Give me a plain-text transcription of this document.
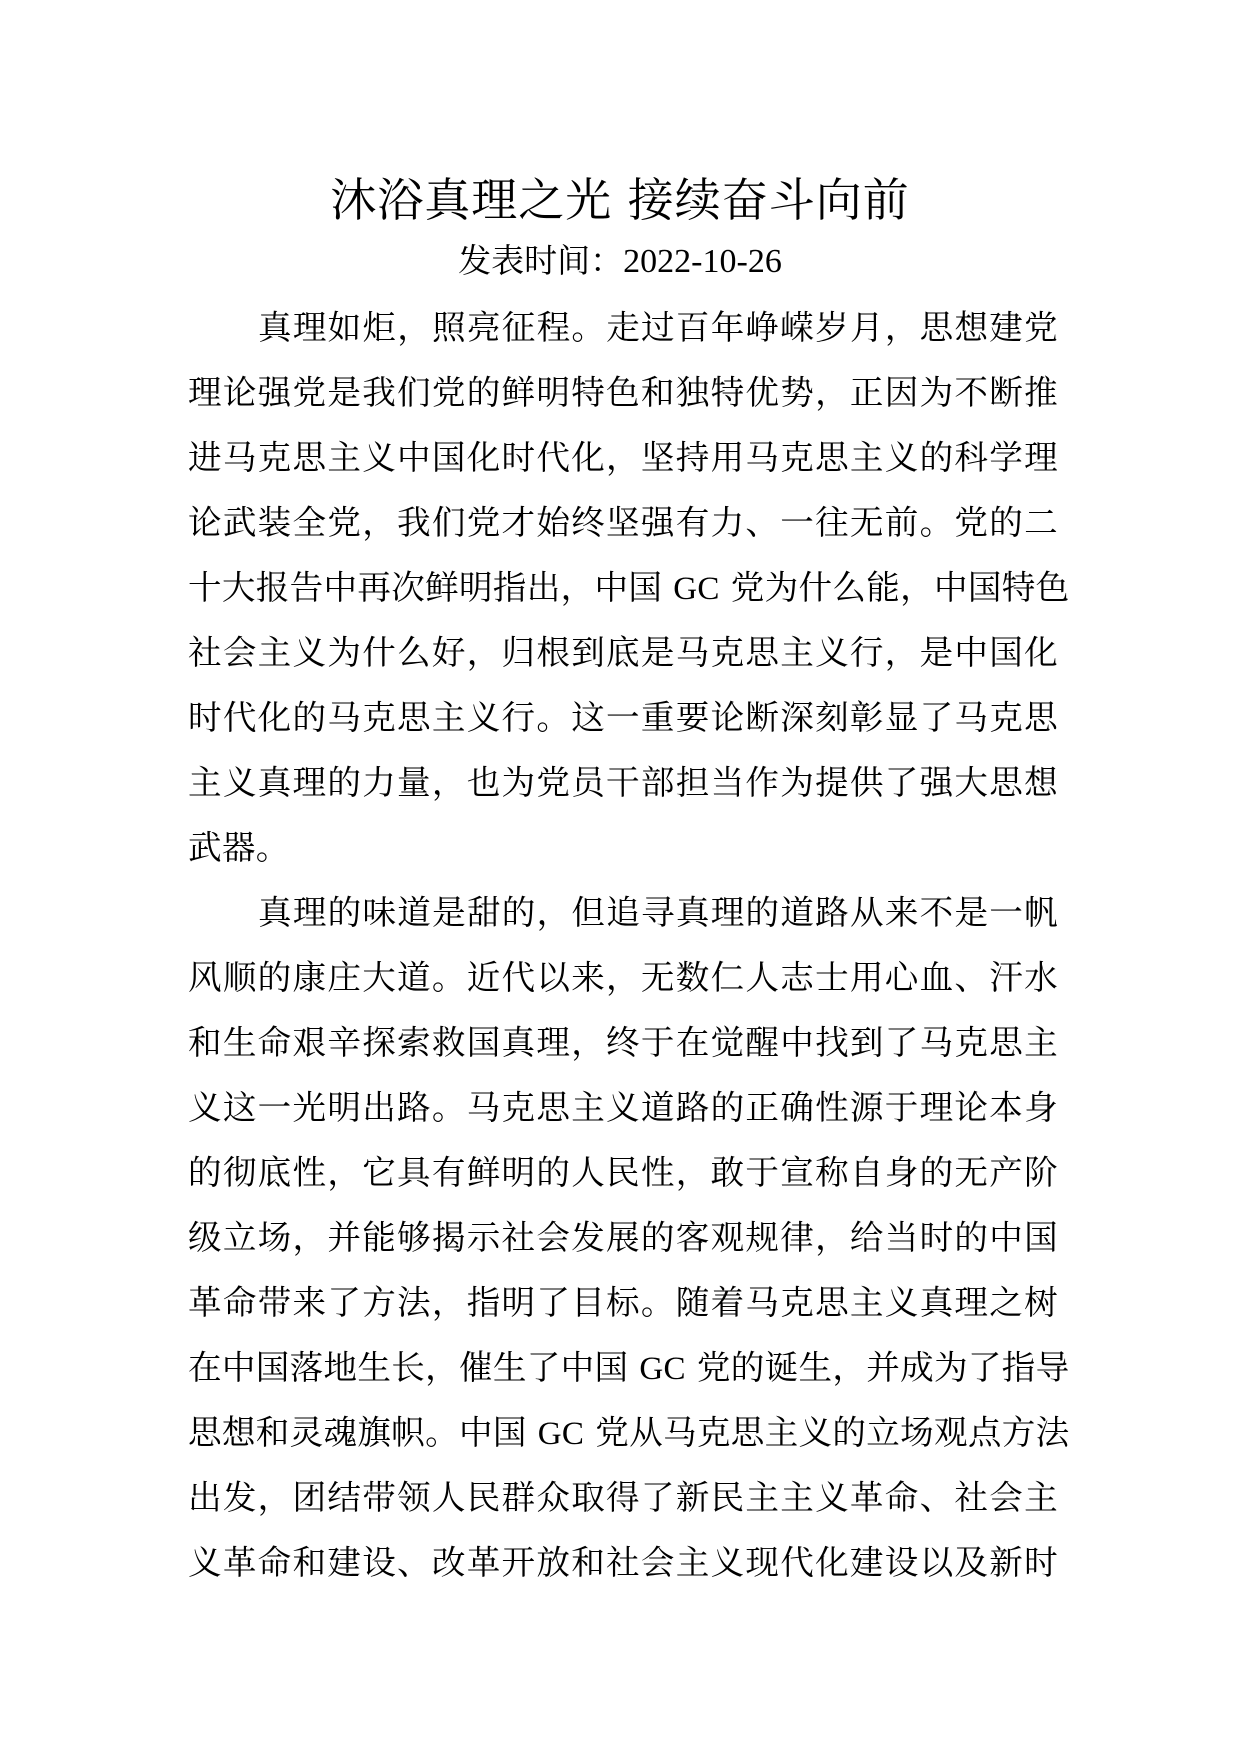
沐浴真理之光 接续奋斗向前

发表时间：2022-10-26

真理如炬，照亮征程。走过百年峥嵘岁月，思想建党
理论强党是我们党的鲜明特色和独特优势，正因为不断推
进马克思主义中国化时代化，坚持用马克思主义的科学理
论武装全党，我们党才始终坚强有力、一往无前。党的二
十大报告中再次鲜明指出，中国 GC 党为什么能，中国特色
社会主义为什么好，归根到底是马克思主义行，是中国化
时代化的马克思主义行。这一重要论断深刻彰显了马克思
主义真理的力量，也为党员干部担当作为提供了强大思想
武器。
真理的味道是甜的，但追寻真理的道路从来不是一帆
风顺的康庄大道。近代以来，无数仁人志士用心血、汗水
和生命艰辛探索救国真理，终于在觉醒中找到了马克思主
义这一光明出路。马克思主义道路的正确性源于理论本身
的彻底性，它具有鲜明的人民性，敢于宣称自身的无产阶
级立场，并能够揭示社会发展的客观规律，给当时的中国
革命带来了方法，指明了目标。随着马克思主义真理之树
在中国落地生长，催生了中国 GC 党的诞生，并成为了指导
思想和灵魂旗帜。中国 GC 党从马克思主义的立场观点方法
出发，团结带领人民群众取得了新民主主义革命、社会主
义革命和建设、改革开放和社会主义现代化建设以及新时
